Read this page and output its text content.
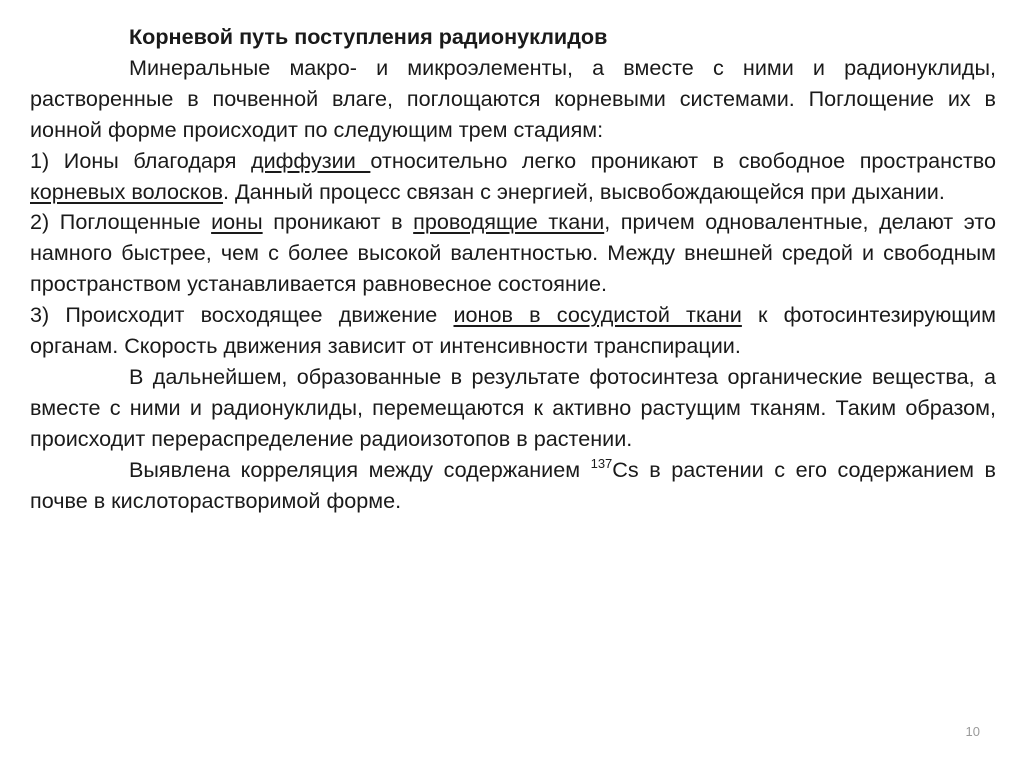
Корневой путь поступления радионуклидов

Минеральные макро- и микроэлементы, а вместе с ними и радионуклиды, растворенные в почвенной влаге, поглощаются корневыми системами. Поглощение их в ионной форме происходит по следующим трем стадиям:

1) Ионы благодаря диффузии относительно легко проникают в свободное пространство корневых волосков. Данный процесс связан с энергией, высвобождающейся при дыхании.

2) Поглощенные ионы проникают в проводящие ткани, причем одновалентные, делают это намного быстрее, чем с более высокой валентностью. Между внешней средой и свободным пространством устанавливается равновесное состояние.

3) Происходит восходящее движение ионов в сосудистой ткани к фотосинтезирующим органам. Скорость движения зависит от интенсивности транспирации.

В дальнейшем, образованные в результате фотосинтеза органические вещества, а вместе с ними и радионуклиды, перемещаются к активно растущим тканям. Таким образом, происходит перераспределение радиоизотопов в растении.

Выявлена корреляция между содержанием $^{137}$Cs в растении с его содержанием в почве в кислоторастворимой форме.

10
